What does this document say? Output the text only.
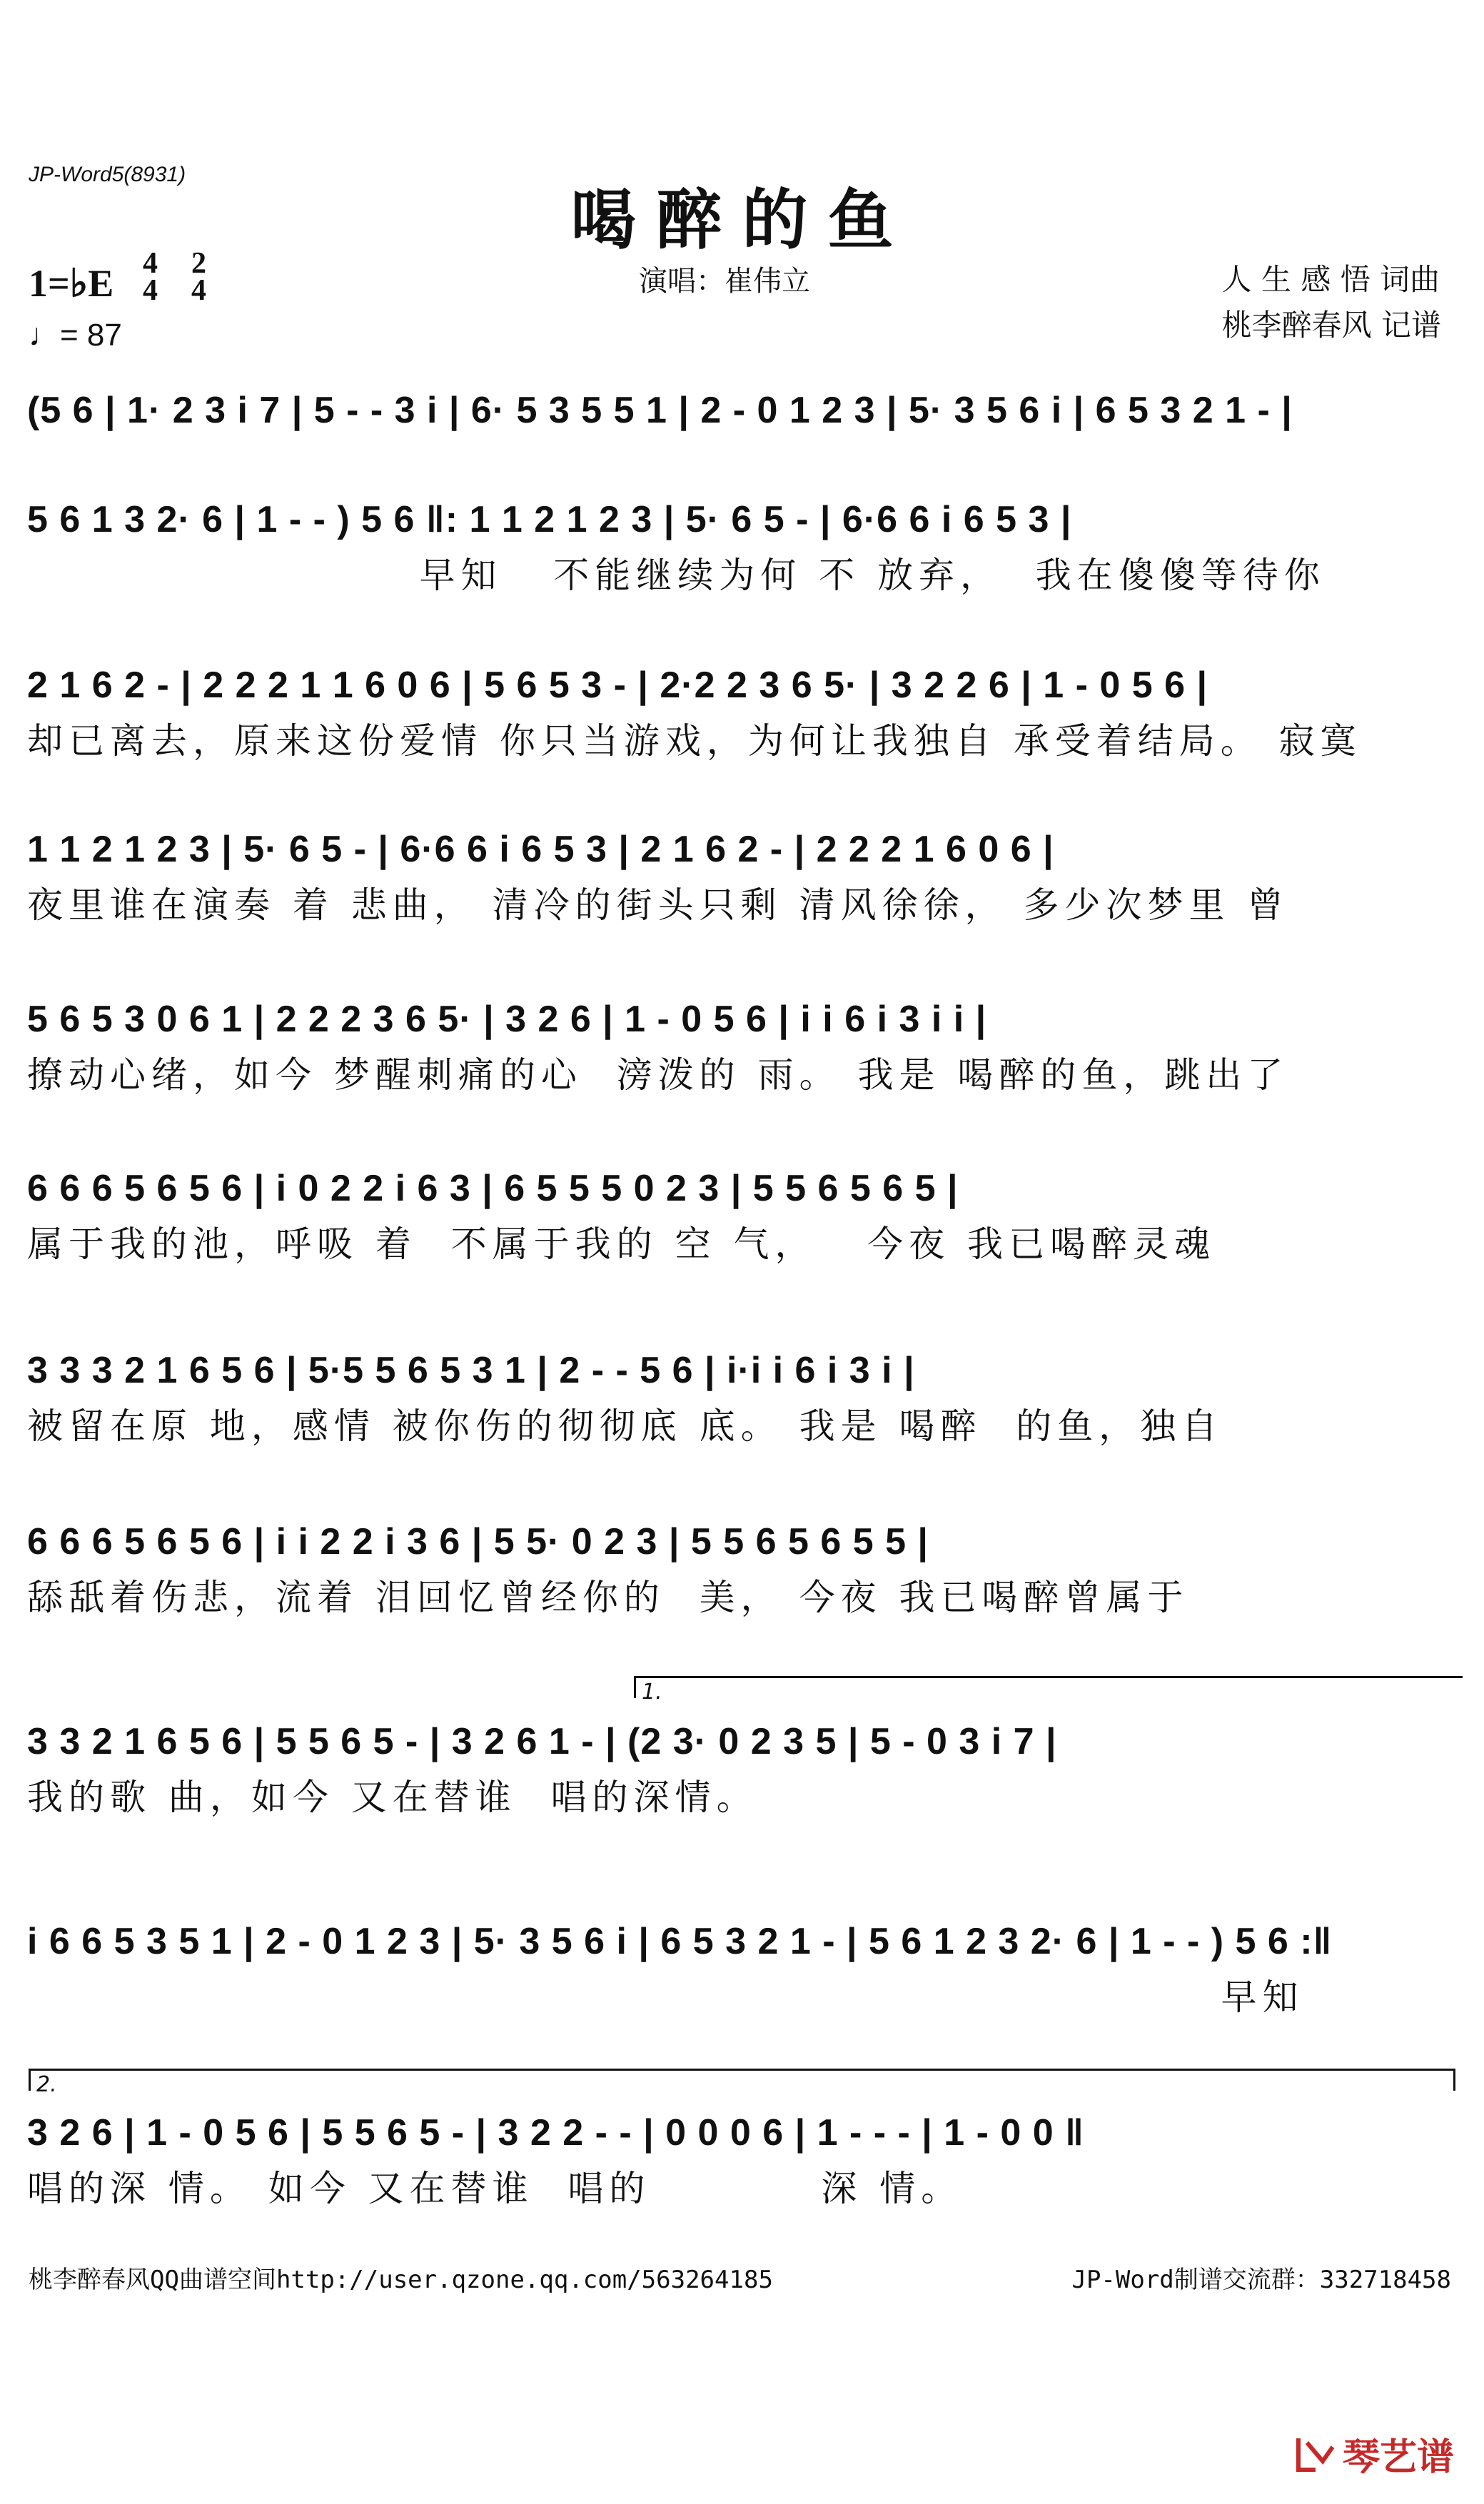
JP-Word5(8931)
喝醉的鱼
1=♭E 4
4
2
4
♩= 87
演唱：崔伟立	人 生 感 悟 词曲
桃李醉春风 记谱
(5 6 | 1· 2 3 i 7 | 5 - - 3 i | 6· 5 3 5 5 1 | 2 - 0 1 2 3 | 5· 3 5 6 i | 6 5 3 2 1 - |
5 6 1 3 2· 6 | 1 - - ) 5 6 ‖: 1 1 2 1 2 3 | 5· 6 5 - | 6·6 6 i 6 5 3 |
早知   不能继续为何 不 放弃，  我在傻傻等待你
2 1 6 2 - | 2 2 2 1 1 6 0 6 | 5 6 5 3 - | 2·2 2 3 6 5· | 3 2 2 6 | 1 - 0 5 6 |
却已离去，原来这份爱情 你只当游戏，为何让我独自 承受着结局。 寂寞
1 1 2 1 2 3 | 5· 6 5 - | 6·6 6 i 6 5 3 | 2 1 6 2 - | 2 2 2 1 6 0 6 |
夜里谁在演奏 着 悲曲， 清冷的街头只剩 清风徐徐， 多少次梦里 曾
5 6 5 3 0 6 1 | 2 2 2 3 6 5· | 3 2 6 | 1 - 0 5 6 | i i 6 i 3 i i |
撩动心绪，如今 梦醒刺痛的心  滂泼的 雨。 我是 喝醉的鱼，跳出了
6 6 6 5 6 5 6 | i 0 2 2 i 6 3 | 6 5 5 5 0 2 3 | 5 5 6 5 6 5 |
属于我的池，呼吸 着  不属于我的 空 气，   今夜 我已喝醉灵魂
3 3 3 2 1 6 5 6 | 5·5 5 6 5 3 1 | 2 - - 5 6 | i·i i 6 i 3 i |
被留在原 地，感情 被你伤的彻彻底 底。 我是 喝醉  的鱼，独自
6 6 6 5 6 5 6 | i i 2 2 i 3 6 | 5 5· 0 2 3 | 5 5 6 5 6 5 5 |
舔舐着伤悲，流着 泪回忆曾经你的  美， 今夜 我已喝醉曾属于
1.
3 3 2 1 6 5 6 | 5 5 6 5 - | 3 2 6 1 - | (2 3· 0 2 3 5 | 5 - 0 3 i 7 |
我的歌 曲，如今 又在替谁  唱的深情。
i 6 6 5 3 5 1 | 2 - 0 1 2 3 | 5· 3 5 6 i | 6 5 3 2 1 - | 5 6 1 2 3 2· 6 | 1 - - ) 5 6 :‖
早知
2.
3 2 6 | 1 - 0 5 6 | 5 5 6 5 - | 3 2 2 - - | 0 0 0 6 | 1 - - - | 1 - 0 0 ‖
唱的深 情。 如今 又在替谁  唱的          深 情。
桃李醉春风QQ曲谱空间http://user.qzone.qq.com/563264185	JP-Word制谱交流群：332718458
琴艺谱
